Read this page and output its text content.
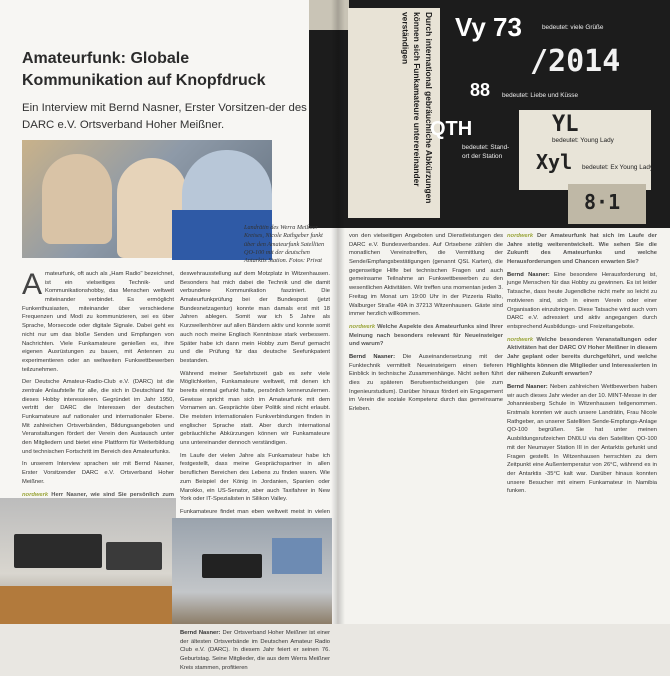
Durch international gebräuchliche Abkürzungen können sich Funkamateure unterereinander verständigen	Vy 73	bedeutet: viele Grüße
/2014
88 bedeutet: Liebe und Küsse
QTH
bedeutet: Stand- ort der Station
YL
bedeutet: Young Lady
Xyl bedeutet: Ex Young Lady
8·1
Amateurfunk: Globale
Kommunikation auf Knopfdruck
Ein Interview mit Bernd Nasner, Erster Vorsitzen-der des DARC e.V. Ortsverband Hoher Meißner.
Landrätin des Werra Meißner Kreises, Nicole Rathgeber funkt über den Amateurfunk Satelliten QO-100 mit der deutschen Antarktis Station. Fotos: Privat

Amateurfunk, oft auch als „Ham Radio" bezeichnet, ist ein vielseitiges Technik- und Kommunikationshobby, das Menschen weltweit miteinander verbindet. Es ermöglicht Funkenthusiasten, miteinander über verschiedene Frequenzen und Modi zu kommunizieren, sei es über Sprache, Morsecode oder digitale Signale. Dabei geht es nicht nur um das bloße Senden und Empfangen von Nachrichten. Viele Funkamateure genießen es, ihre eigenen Ausrüstungen zu bauen, mit Antennen zu experimentieren oder an weltweiten Funkwettbewerben teilzunehmen.

Der Deutsche Amateur-Radio-Club e.V. (DARC) ist die zentrale Anlaufstelle für alle, die sich in Deutschland für dieses Hobby interessieren. Gegründet im Jahr 1950, vertritt der DARC die Interessen der deutschen Funkamateure auf nationaler und internationaler Ebene. Mit zahlreichen Ortsverbänden, Bildungsangeboten und Veranstaltungen fördert der Verein den Austausch unter den Mitgliedern und bietet eine Plattform für Weiterbildung und technischen Fortschritt im Bereich des Amateurfunks.

In unserem Interview sprachen wir mit Bernd Nasner, Erster Vorsitzender DARC e.V. Ortsverband Hoher Meißner.

nordwerk Herr Nasner, wie sind Sie persönlich zum

deswehrausstellung auf dem Motzplatz in Witzenhausen. Besonders hat mich dabei die Technik und die damit verbundene Kommunikation fasziniert. Die Amateurfunkprüfung bei der Bundespost (jetzt Bundesnetzagentur) konnte man damals erst mit 18 Jahren ablegen. Somit war ich 5 Jahre als Kurzwellenhörer auf allen Bändern aktiv und konnte somit auch noch meine Englisch Kenntnisse stark verbessern. Später habe ich dann mein Hobby zum Beruf gemacht und die Prüfung für das deutsche Seefunkpatent bestanden.

Während meiner Seefahrtszeit gab es sehr viele Möglichkeiten, Funkamateure weltweit, mit denen ich bereits einmal gefunkt hatte, persönlich kennenzulernen. Gewisse spricht man sich im Amateurfunk mit dem Vornamen an. Gesprächte über Politik sind nicht erlaubt. Die meisten internationalen Funkverbindungen finden in englischer Sprache statt. Aber durch international gebräuchliche Abkürzungen können wir Funkamateure uns untereinander dennoch verständigen.

Im Laufe der vielen Jahre als Funkamateur habe ich festgestellt, dass meine Gesprächspartner in allen beruflichen Bereichen des Lebens zu finden waren. Wie zum Beispiel der König in Jordanien, Spanien oder Marokko, ein US-Senator, aber auch Taxifahrer in New York oder IT-Spezialisten in Silikon Valley.

Funkamateure findet man eben weltweit meist in vielen

Bernd Nasner: Der Ortsverband Hoher Meißner ist einer der ältesten Ortsverbände im Deutschen Amateur Radio Club e.V. (DARC). In diesem Jahr feiert er seinen 76. Geburtstag. Seine Mitglieder, die aus dem Werra Meißner Kreis stammen, profitieren

von den vielseitigen Angeboten und Dienstleistungen des DARC e.V. Bundesverbandes. Auf Ortsebene zählen die monatlichen Vereinstreffen, die Vermittlung der Sende/Empfangsbestätigungen (genannt QSL Karten), die gegenseitige Hilfe bei technischen Fragen und auch gemeinsame Teilnahme an Funkwettbewerben zu den wesentlichen Aktivitäten. Wir treffen uns momentan jeden 3. Freitag im Monat um 19:00 Uhr in der Pizzeria Rialto, Walburger Straße 49A in 37213 Witzenhausen. Gäste sind immer herzlich willkommen.

nordwerk Welche Aspekte des Amateurfunks sind Ihrer Meinung nach besonders relevant für Neueinsteiger und warum?

Bernd Nasner: Die Auseinandersetzung mit der Funktechnik vermittelt Neueinsteigern einen tieferen Einblick in technische Zusammenhänge. Nicht selten führt dies zu späteren Berufsentscheidungen (sie zum Ingenieurstudium). Darüber hinaus fördert ein Engagement im Verein die soziale Kompetenz durch das gemeinsame Erleben.

nordwerk Der Amateurfunk hat sich im Laufe der Jahre stetig weiterentwickelt. Wie sehen Sie die Zukunft des Amateurfunks und welche Herausforderungen und Chancen erwarten Sie?

Bernd Nasner: Eine besondere Herausforderung ist, junge Menschen für das Hobby zu gewinnen. Es ist leider Tatsache, dass heute Jugendliche nicht mehr so leicht zu motivieren sind, sich in einem Verein oder einer Organisation einzubringen. Diese Tatsache wird auch vom DARC e.V. adressiert und aktiv angegangen durch entsprechend Ausbildungs- und Freizeitangebote.

nordwerk Welche besonderen Veranstaltungen oder Aktivitäten hat der DARC OV Hoher Meißner in diesem Jahr geplant oder bereits durchgeführt, und welche Highlights können die Mitglieder und Interessierten in der näheren Zukunft erwarten?

Bernd Nasner: Neben zahlreichen Wettbewerben haben wir auch dieses Jahr wieder an der 10. MINT-Messe in der Johanniesberg Schule in Witzenhausen teilgenommen. Erstmals konnten wir auch unsere Landrätin, Frau Nicole Rathgeber, an unserer Satelliten Sende-Empfangs-Anlage QO-100 begrüßen. Sie hat unter meinen Ausbildungsrufzeichen DN0LU via den Satelliten QO-100 mit der Neumayer Station III in der Antarktis gefunkt und Fragen gestellt. In Witzenhausen herrschten zu dem Zeitpunkt eine Außentemperatur von 26°C, während es in der Antarktis -35°C kalt war. Darüber hinaus konnten unsere Besucher mit einem Funkamateur in Namibia funken.
